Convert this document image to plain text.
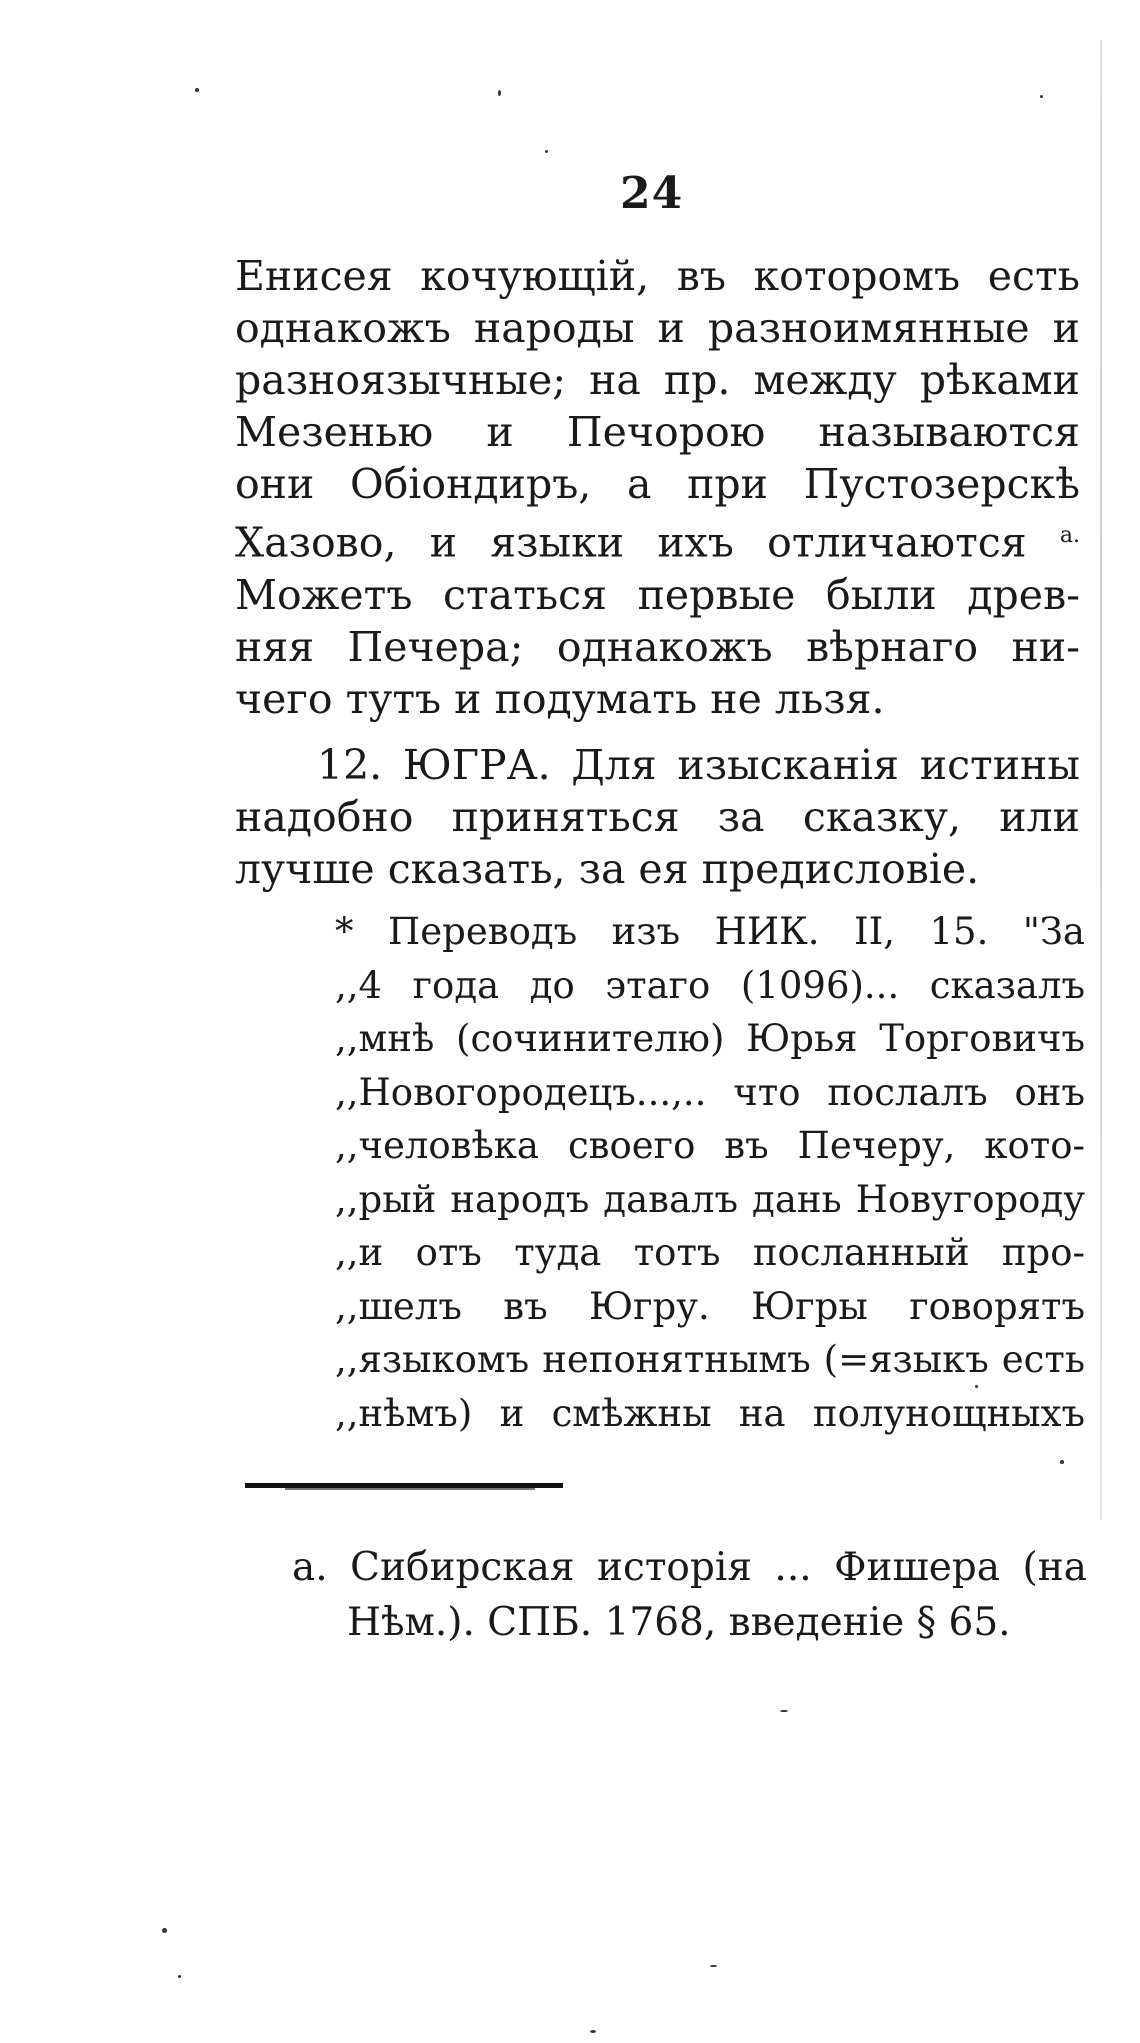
24
Енисея кочующій, въ которомъ есть
однакожъ народы и разноимянные и
разноязычные; на пр. между рѣками
Мезенью и Печорою называются
они Обіондиръ, а при Пустозерскѣ
Хазово, и языки ихъ отличаются $^{а.}$
Можетъ статься первые были древ-
няя Печера; однакожъ вѣрнаго ни-
чего тутъ и подумать не льзя.
12. ЮГРА. Для изысканія истины
надобно приняться за сказку, или
лучше сказать, за ея предисловіе.
* Переводъ изъ НИК. II, 15. "За
,,4 года до этаго (1096)... сказалъ
,,мнѣ (сочинителю) Юрья Торговичъ
,,Новогородецъ...,.. что послалъ онъ
,,человѣка своего въ Печеру, кото-
,,рый народъ давалъ дань Новугороду
,,и отъ туда тотъ посланный про-
,,шелъ въ Югру. Югры говорятъ
,,языкомъ непонятнымъ (=языкъ есть
,,нѣмъ) и смѣжны на полунощныхъ
а. Сибирская исторія ... Фишера (на
Нѣм.). СПБ. 1768, введеніе § 65.
